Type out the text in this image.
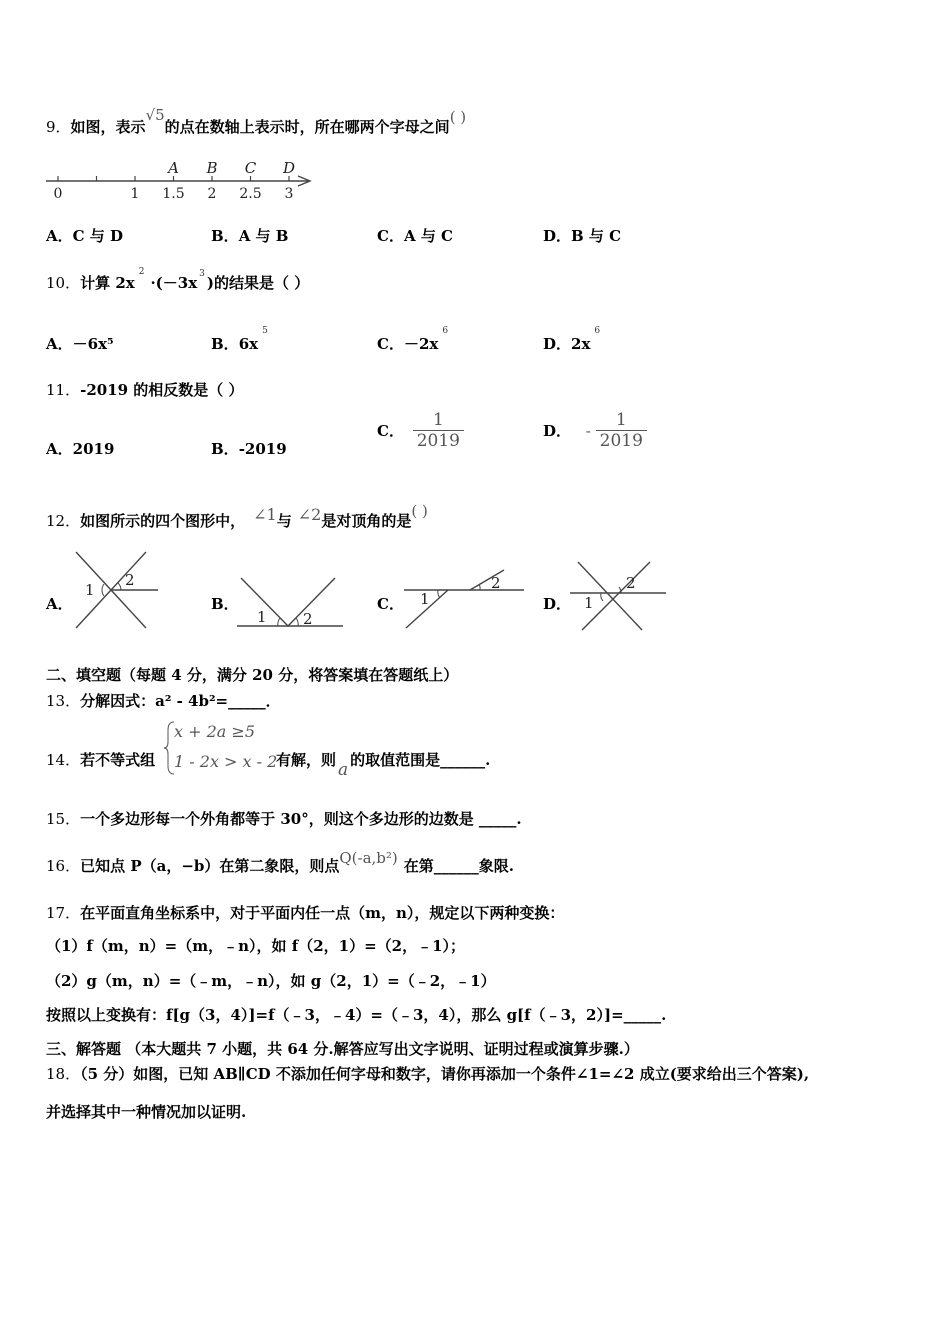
9．如图，表示√5的点在数轴上表示时，所在哪两个字母之间( )
0	1 1.5 2 2.5 3
A B C D
A．C 与 D	B．A 与 B	C．A 与 C	D．B 与 C
10．计算 $2x^2\cdot(-3x$ $^3$ )的结果是（ ）
A．－6x⁵	B．$6x^5$
C．$-2x^6$
D．$2x^6$
11．-2019 的相反数是（ ）
A．2019	B．-2019
C． $\frac{1}{2019}$	D． - $\frac{1}{2019}$
12．如图所示的四个图形中， ∠1与 ∠2是对顶角的是( )
A．
1
2
B．
1 2
C． 1
2
D． 1
2
二、填空题（每题 4 分，满分 20 分，将答案填在答题纸上）
13．分解因式：a² ‐ 4b²=_____．
14．若不等式组
x + 2a ≥5
1 - 2x > x - 2
有解，则 a 的取值范围是______.
15．一个多边形每一个外角都等于 30°，则这个多边形的边数是 _____.
16．已知点 P（a，−b）在第二象限，则点Q(-a,b²) 在第______象限.
17．在平面直角坐标系中，对于平面内任一点（m，n），规定以下两种变换：
（1）f（m，n）=（m，﹣n），如 f（2，1）=（2，﹣1）；
（2）g（m，n）=（﹣m，﹣n），如 g（2，1）=（﹣2，﹣1）
按照以上变换有：f[g（3，4）]=f（﹣3，﹣4）=（﹣3，4），那么 g[f（﹣3，2）]=_____.
三、解答题 （本大题共 7 小题，共 64 分.解答应写出文字说明、证明过程或演算步骤.）
18．（5 分）如图，已知 AB∥CD 不添加任何字母和数字，请你再添加一个条件∠1=∠2 成立(要求给出三个答案),
并选择其中一种情况加以证明.
